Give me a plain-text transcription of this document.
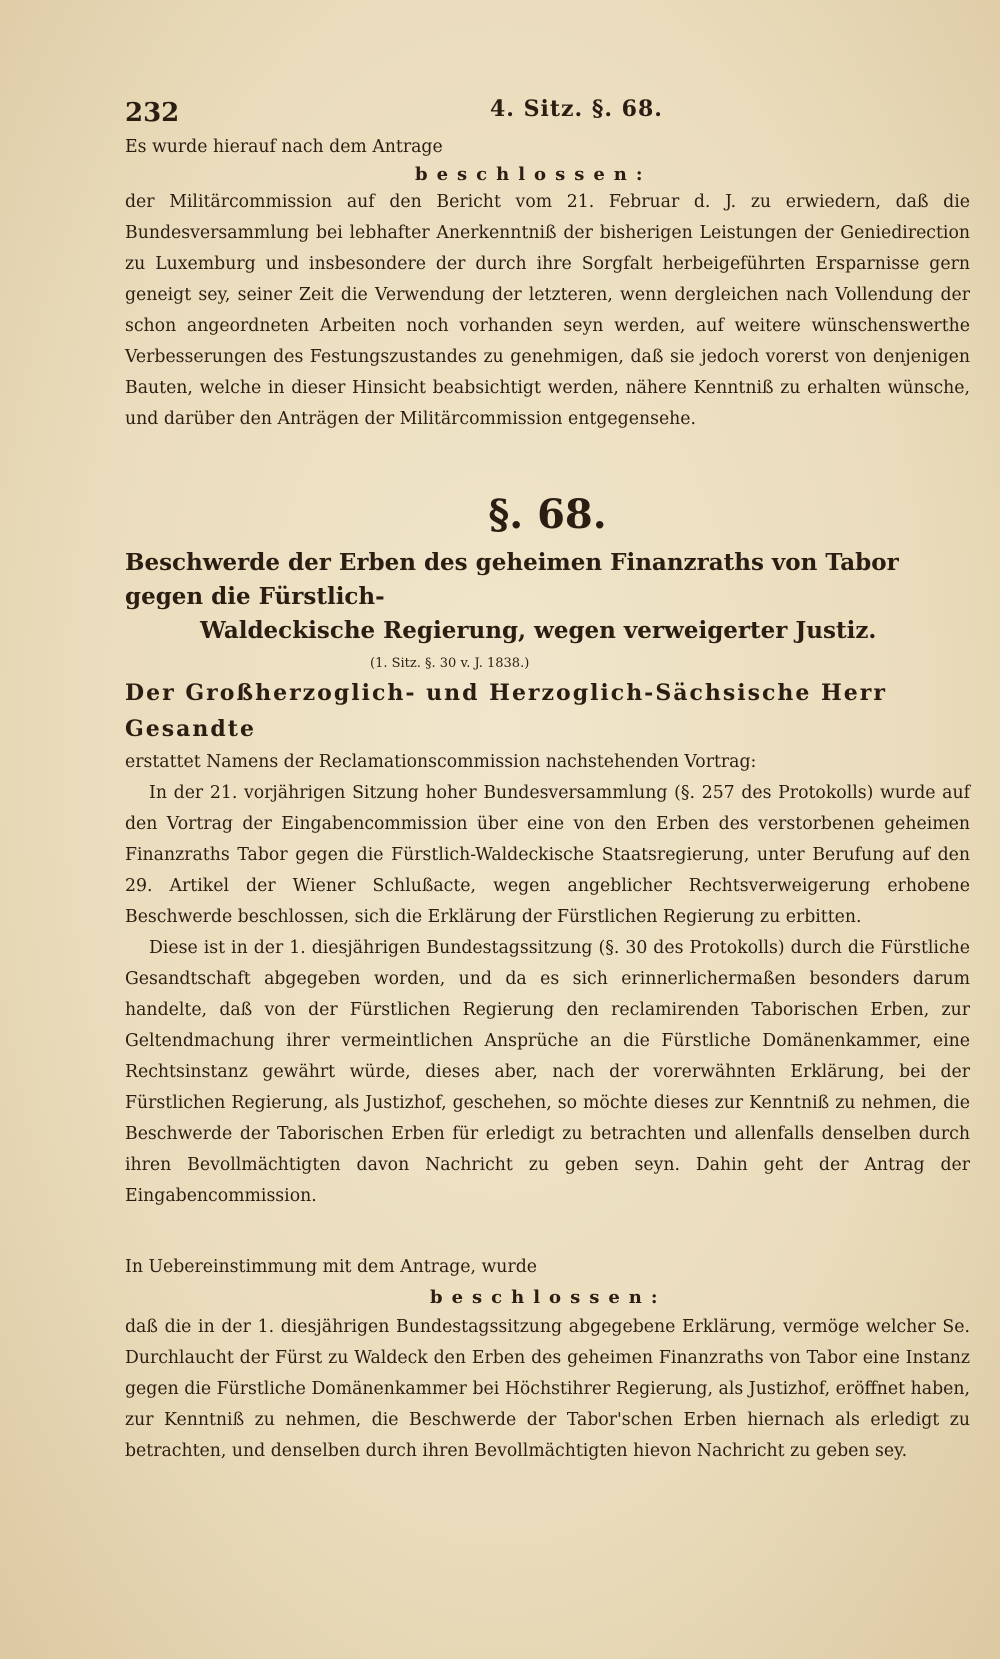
232	4. Sitz. §. 68.

Es wurde hierauf nach dem Antrage

beschlossen:

der Militärcommission auf den Bericht vom 21. Februar d. J. zu erwiedern, daß die Bundesversammlung bei lebhafter Anerkenntniß der bisherigen Leistungen der Geniedirection zu Luxemburg und insbesondere der durch ihre Sorgfalt herbeigeführten Ersparnisse gern geneigt sey, seiner Zeit die Verwendung der letzteren, wenn dergleichen nach Vollendung der schon angeordneten Arbeiten noch vorhanden seyn werden, auf weitere wünschenswerthe Verbesserungen des Festungszustandes zu genehmigen, daß sie jedoch vorerst von denjenigen Bauten, welche in dieser Hinsicht beabsichtigt werden, nähere Kenntniß zu erhalten wünsche, und darüber den Anträgen der Militärcommission entgegensehe.

§. 68.

Beschwerde der Erben des geheimen Finanzraths von Tabor gegen die Fürstlich-

Waldeckische Regierung, wegen verweigerter Justiz.

(1. Sitz. §. 30 v. J. 1838.)

Der Großherzoglich- und Herzoglich-Sächsische Herr Gesandte

erstattet Namens der Reclamationscommission nachstehenden Vortrag:

In der 21. vorjährigen Sitzung hoher Bundesversammlung (§. 257 des Protokolls) wurde auf den Vortrag der Eingabencommission über eine von den Erben des verstorbenen geheimen Finanzraths Tabor gegen die Fürstlich-Waldeckische Staatsregierung, unter Berufung auf den 29. Artikel der Wiener Schlußacte, wegen angeblicher Rechtsverweigerung erhobene Beschwerde beschlossen, sich die Erklärung der Fürstlichen Regierung zu erbitten.

Diese ist in der 1. diesjährigen Bundestagssitzung (§. 30 des Protokolls) durch die Fürstliche Gesandtschaft abgegeben worden, und da es sich erinnerlichermaßen besonders darum handelte, daß von der Fürstlichen Regierung den reclamirenden Taborischen Erben, zur Geltendmachung ihrer vermeintlichen Ansprüche an die Fürstliche Domänenkammer, eine Rechtsinstanz gewährt würde, dieses aber, nach der vorerwähnten Erklärung, bei der Fürstlichen Regierung, als Justizhof, geschehen, so möchte dieses zur Kenntniß zu nehmen, die Beschwerde der Taborischen Erben für erledigt zu betrachten und allenfalls denselben durch ihren Bevollmächtigten davon Nachricht zu geben seyn. Dahin geht der Antrag der Eingabencommission.

In Uebereinstimmung mit dem Antrage, wurde

beschlossen:

daß die in der 1. diesjährigen Bundestagssitzung abgegebene Erklärung, vermöge welcher Se. Durchlaucht der Fürst zu Waldeck den Erben des geheimen Finanzraths von Tabor eine Instanz gegen die Fürstliche Domänenkammer bei Höchstihrer Regierung, als Justizhof, eröffnet haben, zur Kenntniß zu nehmen, die Beschwerde der Tabor'schen Erben hiernach als erledigt zu betrachten, und denselben durch ihren Bevollmächtigten hievon Nachricht zu geben sey.
